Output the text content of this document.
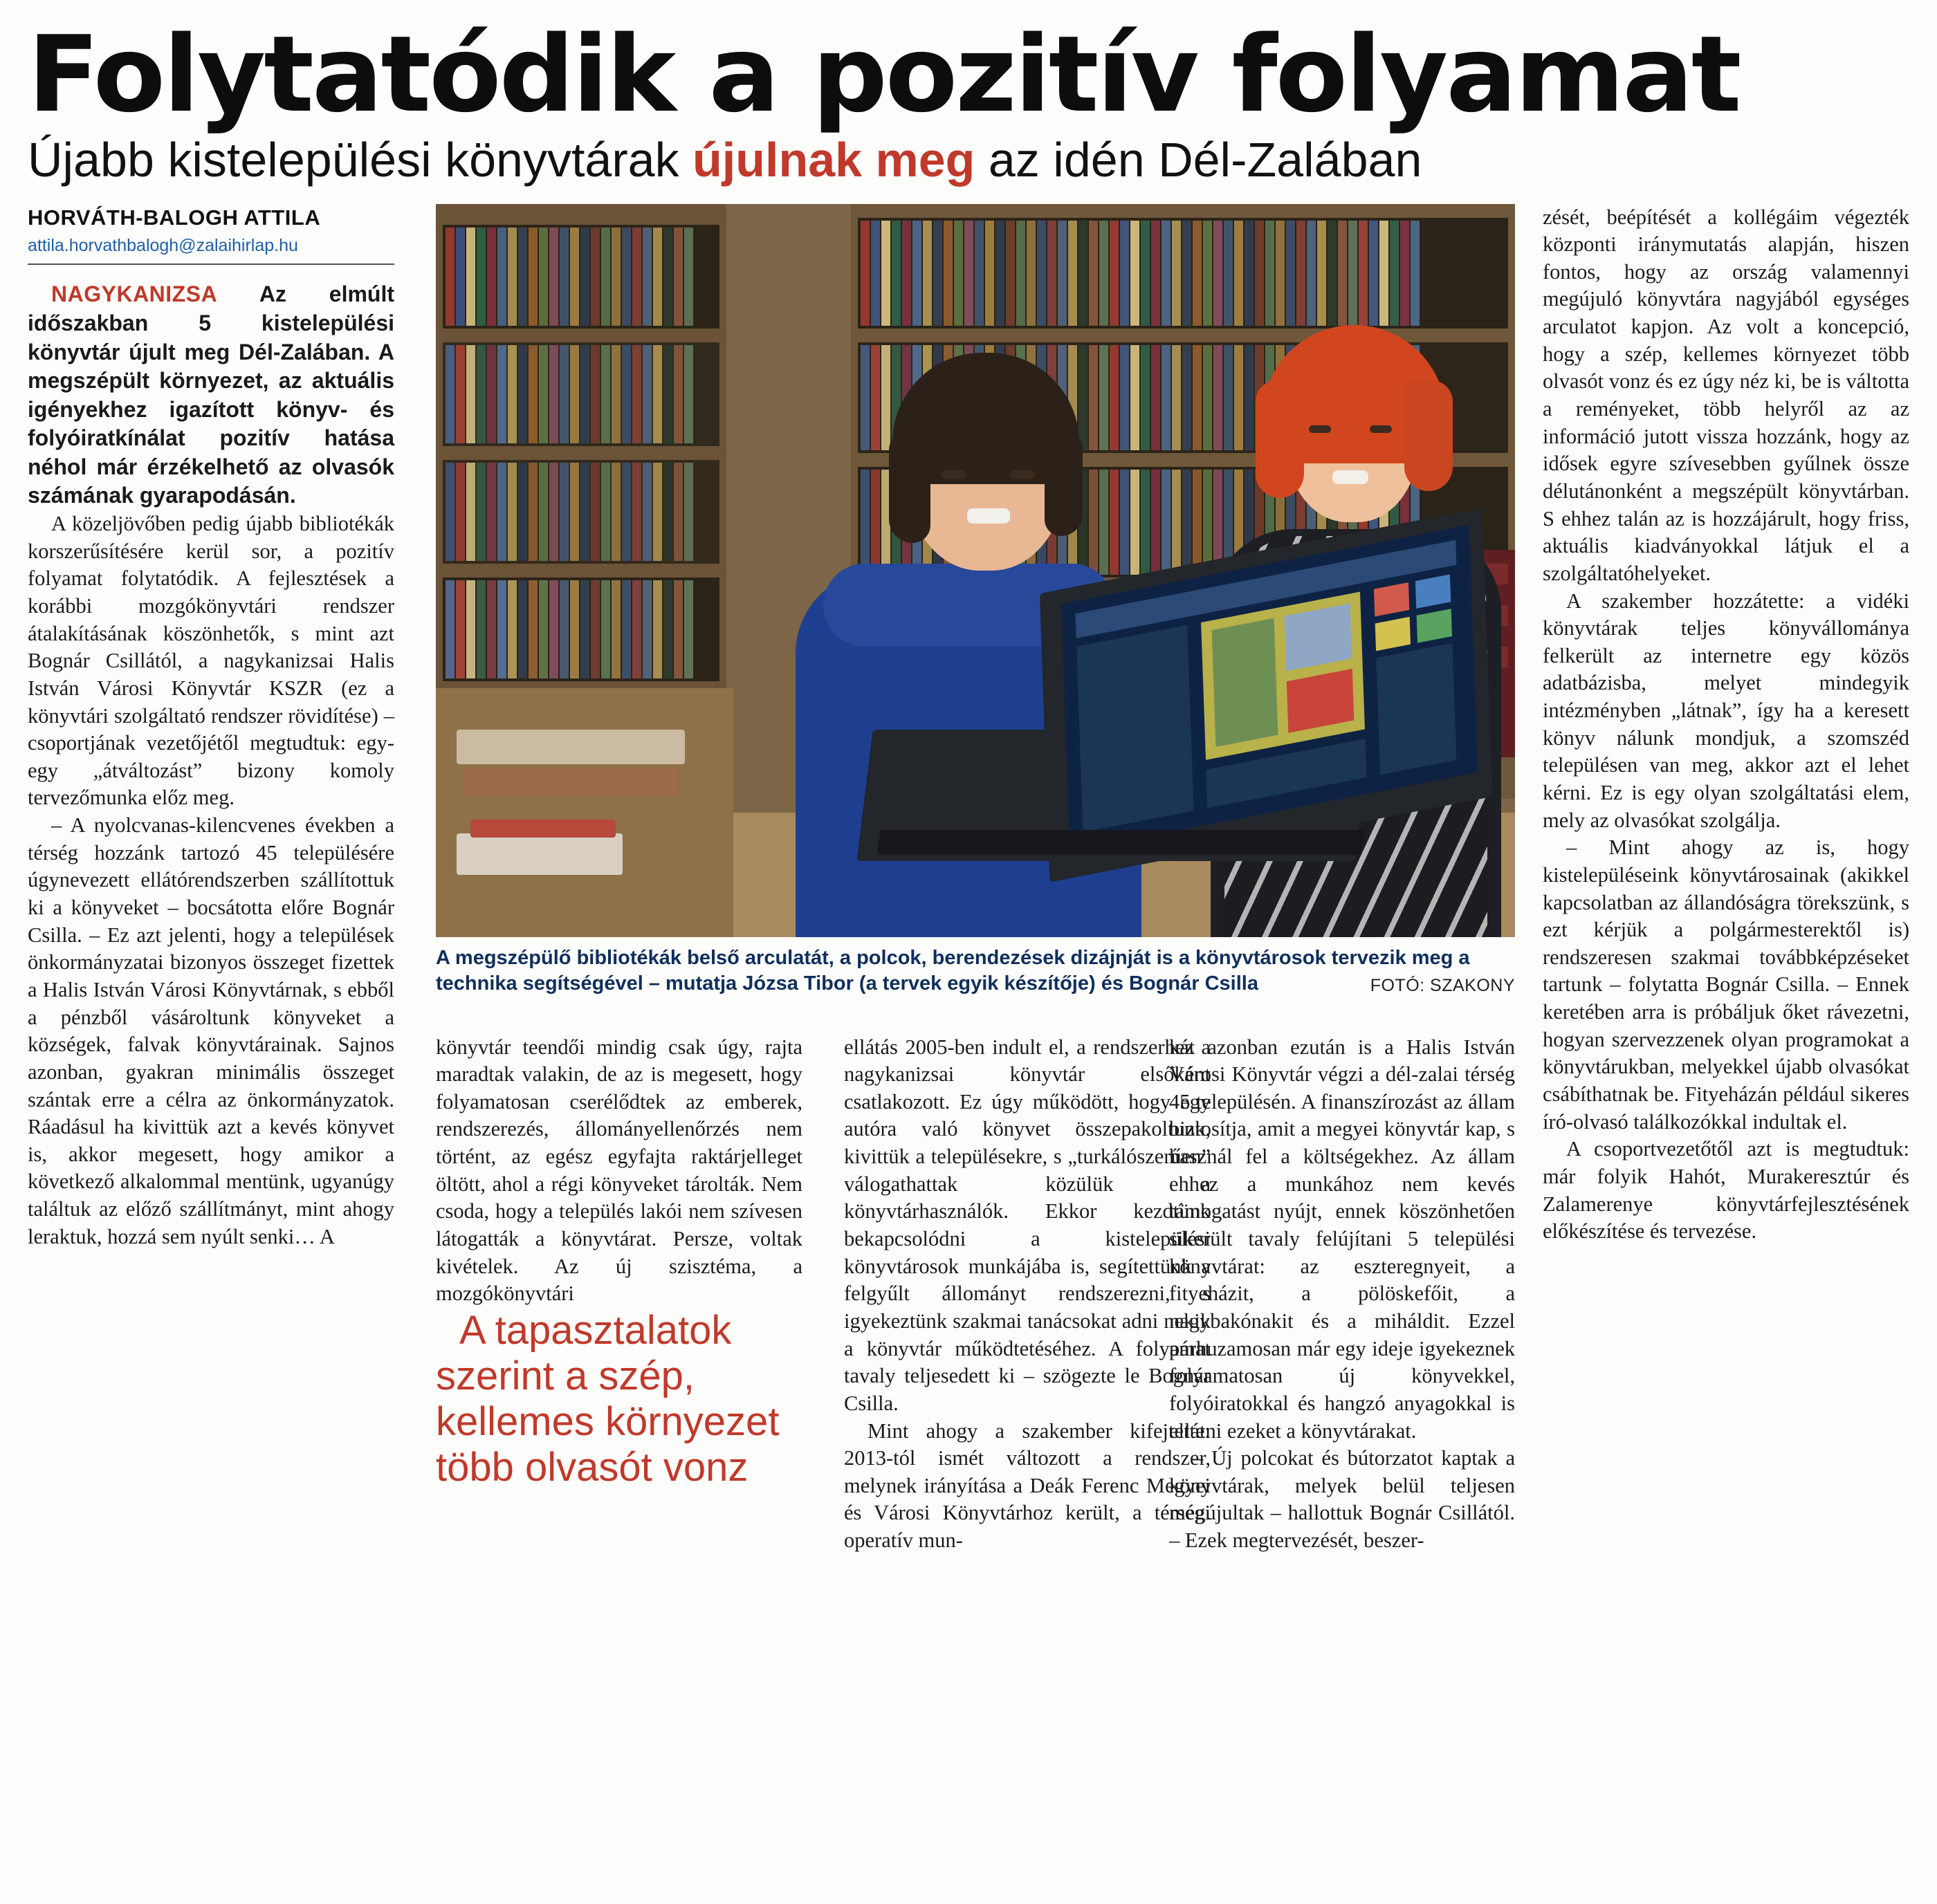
Folytatódik a pozitív folyamat
Újabb kistelepülési könyvtárak újulnak meg az idén Dél-Zalában
HORVÁTH-BALOGH ATTILA
attila.horvathbalogh@zalaihirlap.hu

NAGYKANIZSA Az elmúlt időszakban 5 kistelepülési könyvtár újult meg Dél-Zalában. A megszépült környezet, az aktuális igényekhez igazított könyv- és folyóiratkínálat pozitív hatása néhol már érzékelhető az olvasók számának gyarapodásán.

A közeljövőben pedig újabb bibliotékák korszerűsítésére kerül sor, a pozitív folyamat folytatódik. A fejlesztések a korábbi mozgókönyvtári rendszer átalakításának köszönhetők, s mint azt Bognár Csillától, a nagykanizsai Halis István Városi Könyvtár KSZR (ez a könyvtári szolgáltató rendszer rövidítése) – csoportjának vezetőjétől megtudtuk: egy-egy „átváltozást” bizony komoly tervezőmunka előz meg.

– A nyolcvanas-kilencvenes években a térség hozzánk tartozó 45 településére úgynevezett ellátórendszerben szállítottuk ki a könyveket – bocsátotta előre Bognár Csilla. – Ez azt jelenti, hogy a települések önkormányzatai bizonyos összeget fizettek a Halis István Városi Könyvtárnak, s ebből a pénzből vásároltunk könyveket a községek, falvak könyvtárainak. Sajnos azonban, gyakran minimális összeget szántak erre a célra az önkormányzatok. Ráadásul ha kivittük azt a kevés könyvet is, akkor megesett, hogy amikor a következő alkalommal mentünk, ugyanúgy találtuk az előző szállítmányt, mint ahogy leraktuk, hozzá sem nyúlt senki… A

A megszépülő bibliotékák belső arculatát, a polcok, berendezések dizájnját is a könyvtárosok tervezik meg a technika segítségével – mutatja Józsa Tibor (a tervek egyik készítője) és Bognár Csilla	FOTÓ: SZAKONY

könyvtár teendői mindig csak úgy, rajta maradtak valakin, de az is megesett, hogy folyamatosan cserélődtek az emberek, rendszerezés, állományellenőrzés nem történt, az egész egyfajta raktárjelleget öltött, ahol a régi könyveket tárolták. Nem csoda, hogy a település lakói nem szívesen látogatták a könyvtárat. Persze, voltak kivételek. Az új szisztéma, a mozgókönyvtári

A tapasztalatok szerint a szép, kellemes környezet több olvasót vonz

ellátás 2005-ben indult el, a rendszerhez a nagykanizsai könyvtár elsőként csatlakozott. Ez úgy működött, hogy egy autóra való könyvet összepakoltunk, kivittük a településekre, s „turkálószerűen” válogathattak közülük a könyvtárhasználók. Ekkor kezdtünk bekapcsolódni a kistelepülési könyvtárosok munkájába is, segítettünk a felgyűlt állományt rendszerezni, s igyekeztünk szakmai tanácsokat adni nekik a könyvtár működtetéséhez. A folyamat tavaly teljesedett ki – szögezte le Bognár Csilla.

Mint ahogy a szakember kifejtette: 2013-tól ismét változott a rendszer, melynek irányítása a Deák Ferenc Megyei és Városi Könyvtárhoz került, a térségi operatív mun-

kát azonban ezután is a Halis István Városi Könyvtár végzi a dél-zalai térség 45 településén. A finanszírozást az állam biztosítja, amit a megyei könyvtár kap, s használ fel a költségekhez. Az állam ehhez a munkához nem kevés támogatást nyújt, ennek köszönhetően sikerült tavaly felújítani 5 települési könyvtárat: az eszteregnyeit, a fityeházit, a pölöskefőit, a nagybakónakit és a miháldit. Ezzel párhuzamosan már egy ideje igyekeznek folyamatosan új könyvekkel, folyóiratokkal és hangzó anyagokkal is ellátni ezeket a könyvtárakat.

– Új polcokat és bútorzatot kaptak a könyvtárak, melyek belül teljesen megújultak – hallottuk Bognár Csillától. – Ezek megtervezését, beszer-

zését, beépítését a kollégáim végezték központi iránymutatás alapján, hiszen fontos, hogy az ország valamennyi megújuló könyvtára nagyjából egységes arculatot kapjon. Az volt a koncepció, hogy a szép, kellemes környezet több olvasót vonz és ez úgy néz ki, be is váltotta a reményeket, több helyről az az információ jutott vissza hozzánk, hogy az idősek egyre szívesebben gyűlnek össze délutánonként a megszépült könyvtárban. S ehhez talán az is hozzájárult, hogy friss, aktuális kiadványokkal látjuk el a szolgáltatóhelyeket.

A szakember hozzátette: a vidéki könyvtárak teljes könyvállománya felkerült az internetre egy közös adatbázisba, melyet mindegyik intézményben „látnak”, így ha a keresett könyv nálunk mondjuk, a szomszéd településen van meg, akkor azt el lehet kérni. Ez is egy olyan szolgáltatási elem, mely az olvasókat szolgálja.

– Mint ahogy az is, hogy kistelepüléseink könyvtárosainak (akikkel kapcsolatban az állandóságra törekszünk, s ezt kérjük a polgármesterektől is) rendszeresen szakmai továbbképzéseket tartunk – folytatta Bognár Csilla. – Ennek keretében arra is próbáljuk őket rávezetni, hogyan szervezzenek olyan programokat a könyvtárukban, melyekkel újabb olvasókat csábíthatnak be. Fityeházán például sikeres író-olvasó találkozókkal indultak el.

A csoportvezetőtől azt is megtudtuk: már folyik Hahót, Murakeresztúr és Zalamerenye könyvtárfejlesztésének előkészítése és tervezése.
